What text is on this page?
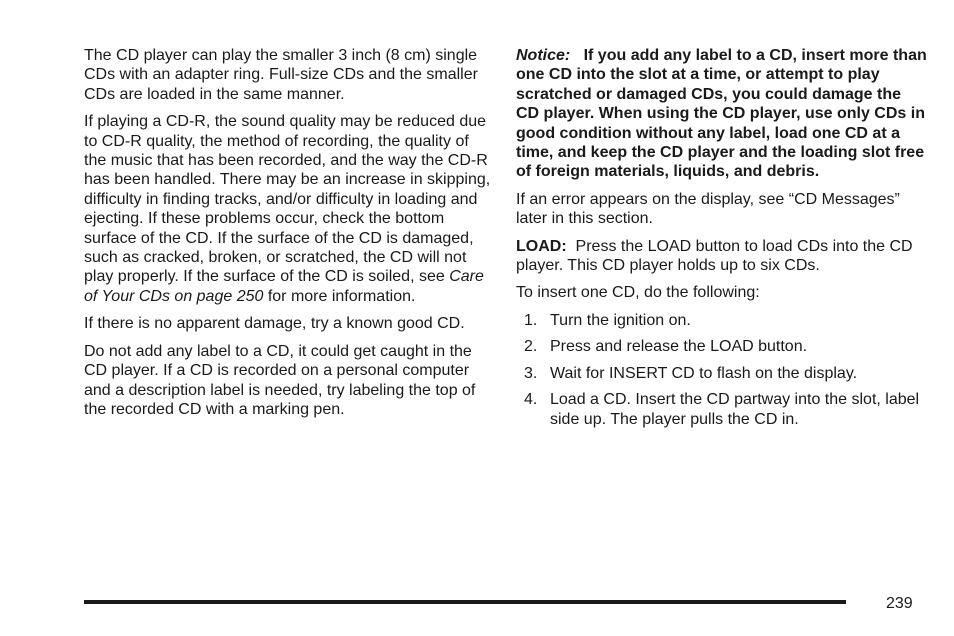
The CD player can play the smaller 3 inch (8 cm) single CDs with an adapter ring. Full-size CDs and the smaller CDs are loaded in the same manner.

If playing a CD-R, the sound quality may be reduced due to CD-R quality, the method of recording, the quality of the music that has been recorded, and the way the CD-R has been handled. There may be an increase in skipping, difficulty in finding tracks, and/or difficulty in loading and ejecting. If these problems occur, check the bottom surface of the CD. If the surface of the CD is damaged, such as cracked, broken, or scratched, the CD will not play properly. If the surface of the CD is soiled, see Care of Your CDs on page 250 for more information.

If there is no apparent damage, try a known good CD.

Do not add any label to a CD, it could get caught in the CD player. If a CD is recorded on a personal computer and a description label is needed, try labeling the top of the recorded CD with a marking pen.

Notice: If you add any label to a CD, insert more than one CD into the slot at a time, or attempt to play scratched or damaged CDs, you could damage the CD player. When using the CD player, use only CDs in good condition without any label, load one CD at a time, and keep the CD player and the loading slot free of foreign materials, liquids, and debris.

If an error appears on the display, see “CD Messages” later in this section.

LOAD: Press the LOAD button to load CDs into the CD player. This CD player holds up to six CDs.

To insert one CD, do the following:

1. Turn the ignition on.
2. Press and release the LOAD button.
3. Wait for INSERT CD to flash on the display.
4. Load a CD. Insert the CD partway into the slot, label side up. The player pulls the CD in.
239
